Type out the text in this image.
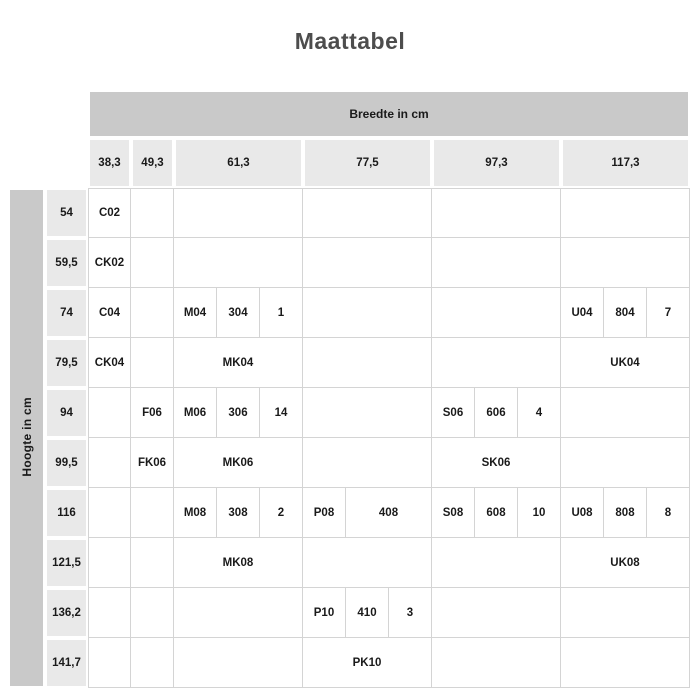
Maattabel
		Breedte in cm													
		38,3	49,3	61,3			77,5			97,3			117,3		
Hoogte in cm	54	C02													
	59,5	CK02													
	74	C04		M04	304	1							U04	804	7
	79,5	CK04		MK04									UK04		
	94		F06	M06	306	14				S06	606	4			
	99,5		FK06	MK06						SK06					
	116			M08	308	2	P08	408		S08	608	10	U08	808	8
	121,5			MK08									UK08		
	136,2						P10	410	3						
	141,7						PK10								
